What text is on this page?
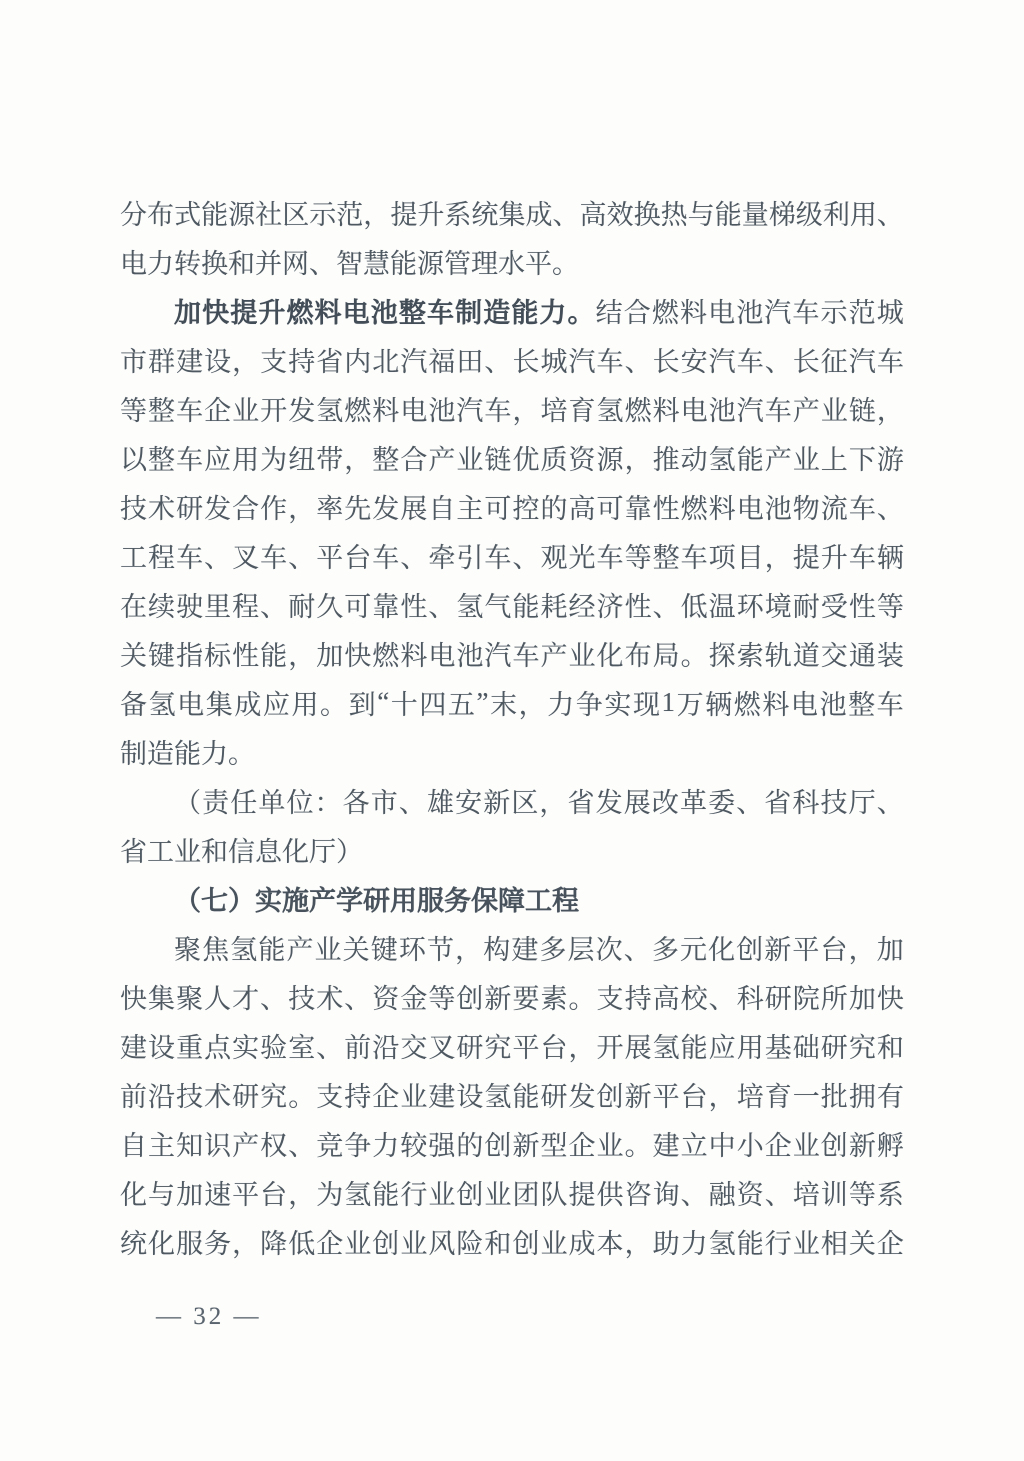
分 布 式 能 源 社 区 示 范 ， 提 升 系 统 集 成 、 高 效 换 热 与 能 量 梯 级 利 用 、
电 力 转 换 和 并 网 、 智 慧 能 源 管 理 水 平 。
加 快 提 升 燃 料 电 池 整 车 制 造 能 力 。 结 合 燃 料 电 池 汽 车 示 范 城
市 群 建 设 ， 支 持 省 内 北 汽 福 田 、 长 城 汽 车 、 长 安 汽 车 、 长 征 汽 车
等 整 车 企 业 开 发 氢 燃 料 电 池 汽 车 ， 培 育 氢 燃 料 电 池 汽 车 产 业 链 ，
以 整 车 应 用 为 纽 带 ， 整 合 产 业 链 优 质 资 源 ， 推 动 氢 能 产 业 上 下 游
技 术 研 发 合 作 ， 率 先 发 展 自 主 可 控 的 高 可 靠 性 燃 料 电 池 物 流 车 、
工 程 车 、 叉 车 、 平 台 车 、 牵 引 车 、 观 光 车 等 整 车 项 目 ， 提 升 车 辆
在 续 驶 里 程 、 耐 久 可 靠 性 、 氢 气 能 耗 经 济 性 、 低 温 环 境 耐 受 性 等
关 键 指 标 性 能 ， 加 快 燃 料 电 池 汽 车 产 业 化 布 局 。 探 索 轨 道 交 通 装
备 氢 电 集 成 应 用 。 到 “ 十 四 五 ” 末 ， 力 争 实 现 1 万 辆 燃 料 电 池 整 车
制 造 能 力 。
（ 责 任 单 位 ： 各 市 、 雄 安 新 区 ， 省 发 展 改 革 委 、 省 科 技 厅 、
省 工 业 和 信 息 化 厅 ）
（ 七 ） 实 施 产 学 研 用 服 务 保 障 工 程
聚 焦 氢 能 产 业 关 键 环 节 ， 构 建 多 层 次 、 多 元 化 创 新 平 台 ， 加
快 集 聚 人 才 、 技 术 、 资 金 等 创 新 要 素 。 支 持 高 校 、 科 研 院 所 加 快
建 设 重 点 实 验 室 、 前 沿 交 叉 研 究 平 台 ， 开 展 氢 能 应 用 基 础 研 究 和
前 沿 技 术 研 究 。 支 持 企 业 建 设 氢 能 研 发 创 新 平 台 ， 培 育 一 批 拥 有
自 主 知 识 产 权 、 竞 争 力 较 强 的 创 新 型 企 业 。 建 立 中 小 企 业 创 新 孵
化 与 加 速 平 台 ， 为 氢 能 行 业 创 业 团 队 提 供 咨 询 、 融 资 、 培 训 等 系
统 化 服 务 ， 降 低 企 业 创 业 风 险 和 创 业 成 本 ， 助 力 氢 能 行 业 相 关 企
— 32 —
